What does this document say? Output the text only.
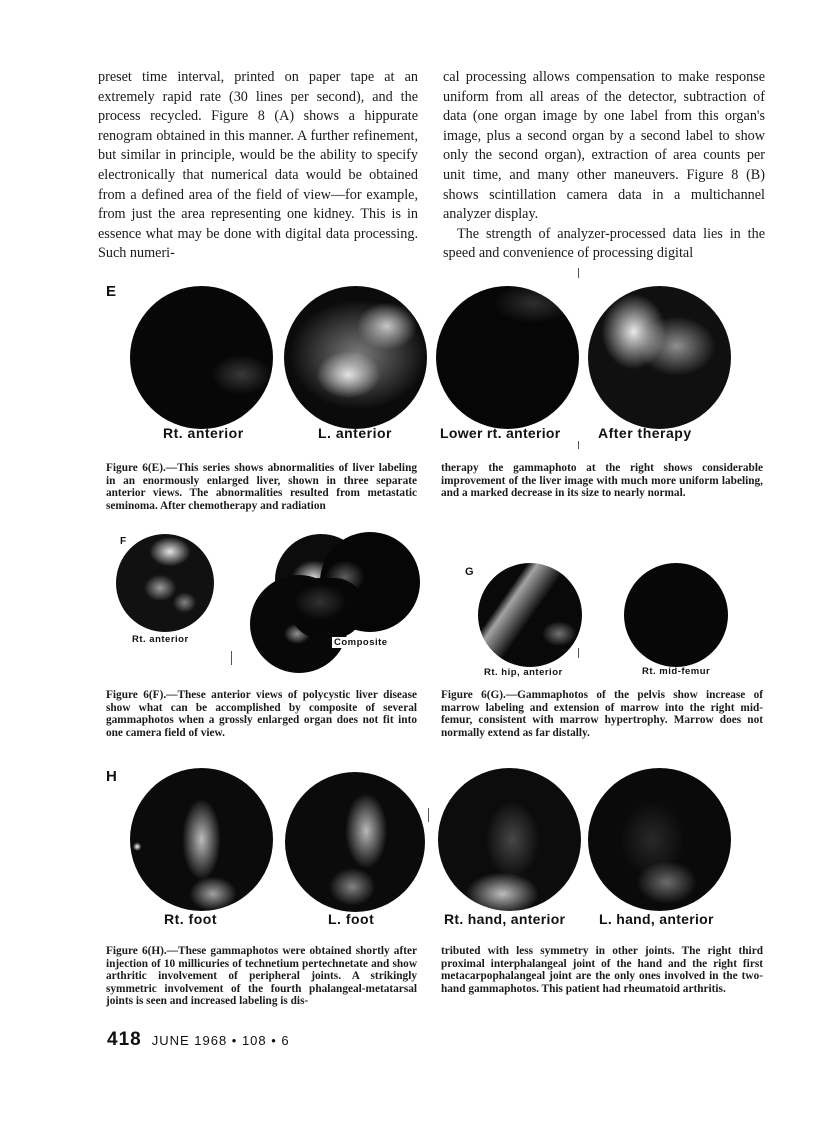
preset time interval, printed on paper tape at an extremely rapid rate (30 lines per second), and the process recycled. Figure 8 (A) shows a hippurate renogram obtained in this manner. A further refinement, but similar in principle, would be the ability to specify electronically that numerical data would be obtained from a defined area of the field of view—for example, from just the area representing one kidney. This is in essence what may be done with digital data processing. Such numeri-

cal processing allows compensation to make response uniform from all areas of the detector, subtraction of data (one organ image by one label from this organ's image, plus a second organ by a second label to show only the second organ), extraction of area counts per unit time, and many other maneuvers. Figure 8 (B) shows scintillation camera data in a multichannel analyzer display.

The strength of analyzer-processed data lies in the speed and convenience of processing digital

E
Rt. anterior	L. anterior	Lower rt. anterior	After therapy

Figure 6(E).—This series shows abnormalities of liver labeling in an enormously enlarged liver, shown in three separate anterior views. The abnormalities resulted from metastatic seminoma. After chemotherapy and radiation

therapy the gammaphoto at the right shows considerable improvement of the liver image with much more uniform labeling, and a marked decrease in its size to nearly normal.

F
Rt. anterior	Composite

Figure 6(F).—These anterior views of polycystic liver disease show what can be accomplished by composite of several gammaphotos when a grossly enlarged organ does not fit into one camera field of view.

G
Rt. hip, anterior	Rt. mid-femur

Figure 6(G).—Gammaphotos of the pelvis show increase of marrow labeling and extension of marrow into the right mid-femur, consistent with marrow hypertrophy. Marrow does not normally extend as far distally.

H
Rt. foot	L. foot	Rt. hand, anterior L. hand, anterior

Figure 6(H).—These gammaphotos were obtained shortly after injection of 10 millicuries of technetium pertechnetate and show arthritic involvement of peripheral joints. A strikingly symmetric involvement of the fourth phalangeal-metatarsal joints is seen and increased labeling is dis-

tributed with less symmetry in other joints. The right third proximal interphalangeal joint of the hand and the right first metacarpophalangeal joint are the only ones involved in the two-hand gammaphotos. This patient had rheumatoid arthritis.

418 JUNE 1968 • 108 • 6
